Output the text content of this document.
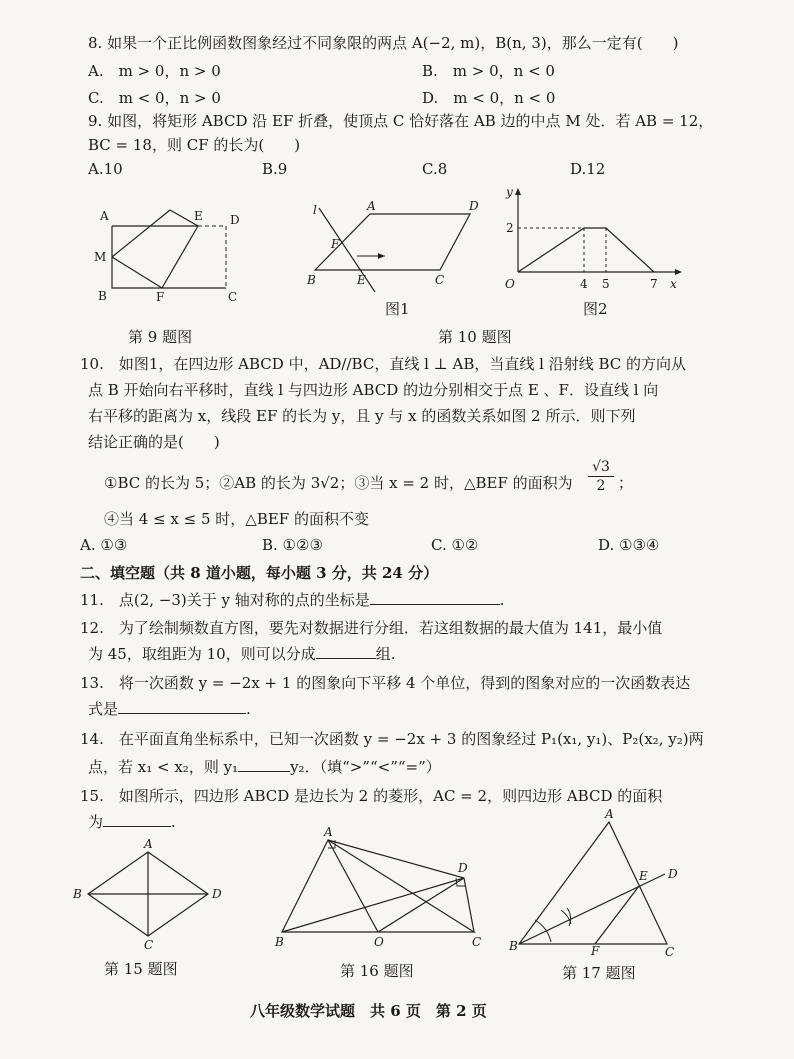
8. 如果一个正比例函数图象经过不同象限的两点 A(−2, m)，B(n, 3)，那么一定有(　　)
A.　m > 0，n > 0	B.　m > 0，n < 0
C.　m < 0，n > 0	D.　m < 0，n < 0
9. 如图，将矩形 ABCD 沿 EF 折叠，使顶点 C 恰好落在 AB 边的中点 M 处．若 AB = 12，
BC = 18，则 CF 的长为(　　)
A.10	B.9	C.8	D.12
A	E D
M
B	F	C
第 9 题图
l	A	D
F
B	E	C
图1
y
2
O	4 5	7 x
图2
第 10 题图
10.　如图1，在四边形 ABCD 中，AD//BC，直线 l ⊥ AB，当直线 l 沿射线 BC 的方向从
点 B 开始向右平移时，直线 l 与四边形 ABCD 的边分别相交于点 E 、F．设直线 l 向
右平移的距离为 x，线段 EF 的长为 y，且 y 与 x 的函数关系如图 2 所示．则下列
结论正确的是(　　)
①BC 的长为 5；②AB 的长为 3√2；③当 x = 2 时，△BEF 的面积为 $\frac{√3}{2}$ ；
④当 4 ≤ x ≤ 5 时，△BEF 的面积不变
A. ①③	B. ①②③	C. ①②	D. ①③④
二、填空题（共 8 道小题，每小题 3 分，共 24 分）
11.　点(2, −3)关于 y 轴对称的点的坐标是	.
12.　为了绘制频数直方图，要先对数据进行分组．若这组数据的最大值为 141，最小值
为 45，取组距为 10，则可以分成	组.
13.　将一次函数 y = −2x + 1 的图象向下平移 4 个单位，得到的图象对应的一次函数表达
式是	.
14.　在平面直角坐标系中，已知一次函数 y = −2x + 3 的图象经过 P₁(x₁, y₁)、P₂(x₂, y₂)两
点，若 x₁ < x₂，则 y₁	y₂．（填“>”“<”“=”）
15.　如图所示，四边形 ABCD 是边长为 2 的菱形，AC = 2，则四边形 ABCD 的面积
为	.
A
B	D
C
第 15 题图
A
D
B	O	C
第 16 题图
A
E D
B	F	C
第 17 题图
八年级数学试题　共 6 页　第 2 页
